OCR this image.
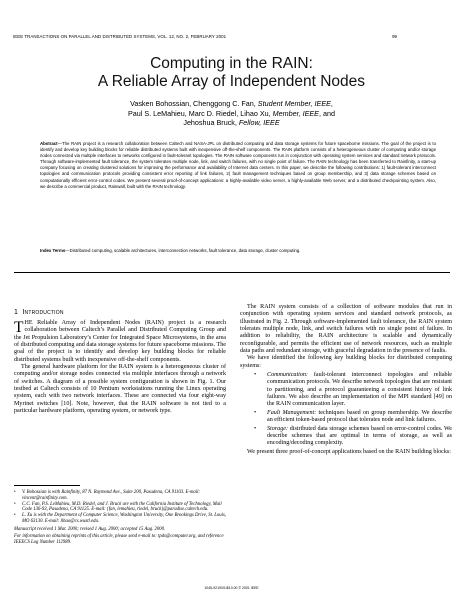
IEEE TRANSACTIONS ON PARALLEL AND DISTRIBUTED SYSTEMS, VOL. 12, NO. 2, FEBRUARY 2001	99
Computing in the RAIN:
A Reliable Array of Independent Nodes
Vasken Bohossian, Chenggong C. Fan, Student Member, IEEE,
Paul S. LeMahieu, Marc D. Riedel, Lihao Xu, Member, IEEE, and
Jehoshua Bruck, Fellow, IEEE
Abstract—The RAIN project is a research collaboration between Caltech and NASA-JPL on distributed computing and data storage systems for future spaceborne missions. The goal of the project is to identify and develop key building blocks for reliable distributed systems built with inexpensive off-the-shelf components. The RAIN platform consists of a heterogeneous cluster of computing and/or storage nodes connected via multiple interfaces to networks configured in fault-tolerant topologies. The RAIN software components run in conjunction with operating system services and standard network protocols. Through software-implemented fault tolerance, the system tolerates multiple node, link, and switch failures, with no single point of failure. The RAIN technology has been transferred to Rainfinity, a start-up company focusing on creating clustered solutions for improving the performance and availability of Internet data centers. In this paper, we describe the following contributions: 1) fault-tolerant interconnect topologies and communication protocols providing consistent error reporting of link failures, 2) fault management techniques based on group membership, and 3) data storage schemes based on computationally efficient error-control codes. We present several proof-of-concept applications: a highly-available video server, a highly-available Web server, and a distributed checkpointing system. Also, we describe a commercial product, Rainwall, built with the RAIN technology.
Index Terms—Distributed computing, scalable architectures, interconnection networks, fault tolerance, data storage, cluster computing.
1 Introduction

THE Reliable Array of Independent Nodes (RAIN) project is a research collaboration between Caltech’s Parallel and Distributed Computing Group and the Jet Propulsion Laboratory’s Center for Integrated Space Microsystems, in the area of distributed computing and data storage systems for future spaceborne missions. The goal of the project is to identify and develop key building blocks for reliable distributed systems built with inexpensive off-the-shelf components.

The general hardware platform for the RAIN system is a heterogeneous cluster of computing and/or storage nodes connected via multiple interfaces through a network of switches. A diagram of a possible system configuration is shown in Fig. 1. Our testbed at Caltech consists of 10 Pentium workstations running the Linux operating system, each with two network interfaces. These are connected via four eight-way Myrinet switches [10]. Note, however, that the RAIN software is not tied to a particular hardware platform, operating system, or network type.

• V. Bohossian is with Rainfinity, 87 N. Raymond Ave., Suite 200, Pasadena, CA 91103. E-mail: vincent@rainfinity.com.
• C.C. Fan, P.S. LeMahieu, M.D. Riedel, and J. Bruck are with the California Institute of Technology, Mail Code 136-93, Pasadena, CA 91125. E-mail: {fan, lemahieu, riedel, bruck}@paradise.caltech.edu.
• L. Xu is with the Department of Computer Science, Washington University, One Brookings Drive, St. Louis, MO 63130. E-mail: lihao@cs.wustl.edu.
Manuscript received 1 Mar. 2000; revised 1 Aug. 2000; accepted 15 Aug. 2000.
For information on obtaining reprints of this article, please send e-mail to: tpds@computer.org, and reference IEEECS Log Number 112989.

The RAIN system consists of a collection of software modules that run in conjunction with operating system services and standard network protocols, as illustrated in Fig. 2. Through software-implemented fault tolerance, the RAIN system tolerates multiple node, link, and switch failures with no single point of failure. In addition to reliability, the RAIN architecture is scalable and dynamically reconfigurable, and permits the efficient use of network resources, such as multiple data paths and redundant storage, with graceful degradation in the presence of faults.

We have identified the following key building blocks for distributed computing systems:

• Communication: fault-tolerant interconnect topologies and reliable communication protocols. We describe network topologies that are resistant to partitioning, and a protocol guaranteeing a consistent history of link failures. We also describe an implementation of the MPI standard [49] on the RAIN communication layer.
• Fault Management: techniques based on group membership. We describe an efficient token-based protocol that tolerates node and link failures.
• Storage: distributed data storage schemes based on error-control codes. We describe schemes that are optimal in terms of storage, as well as encoding/decoding complexity.

We present three proof-of-concept applications based on the RAIN building blocks:

1045-9219/01/$10.00 © 2001 IEEE
